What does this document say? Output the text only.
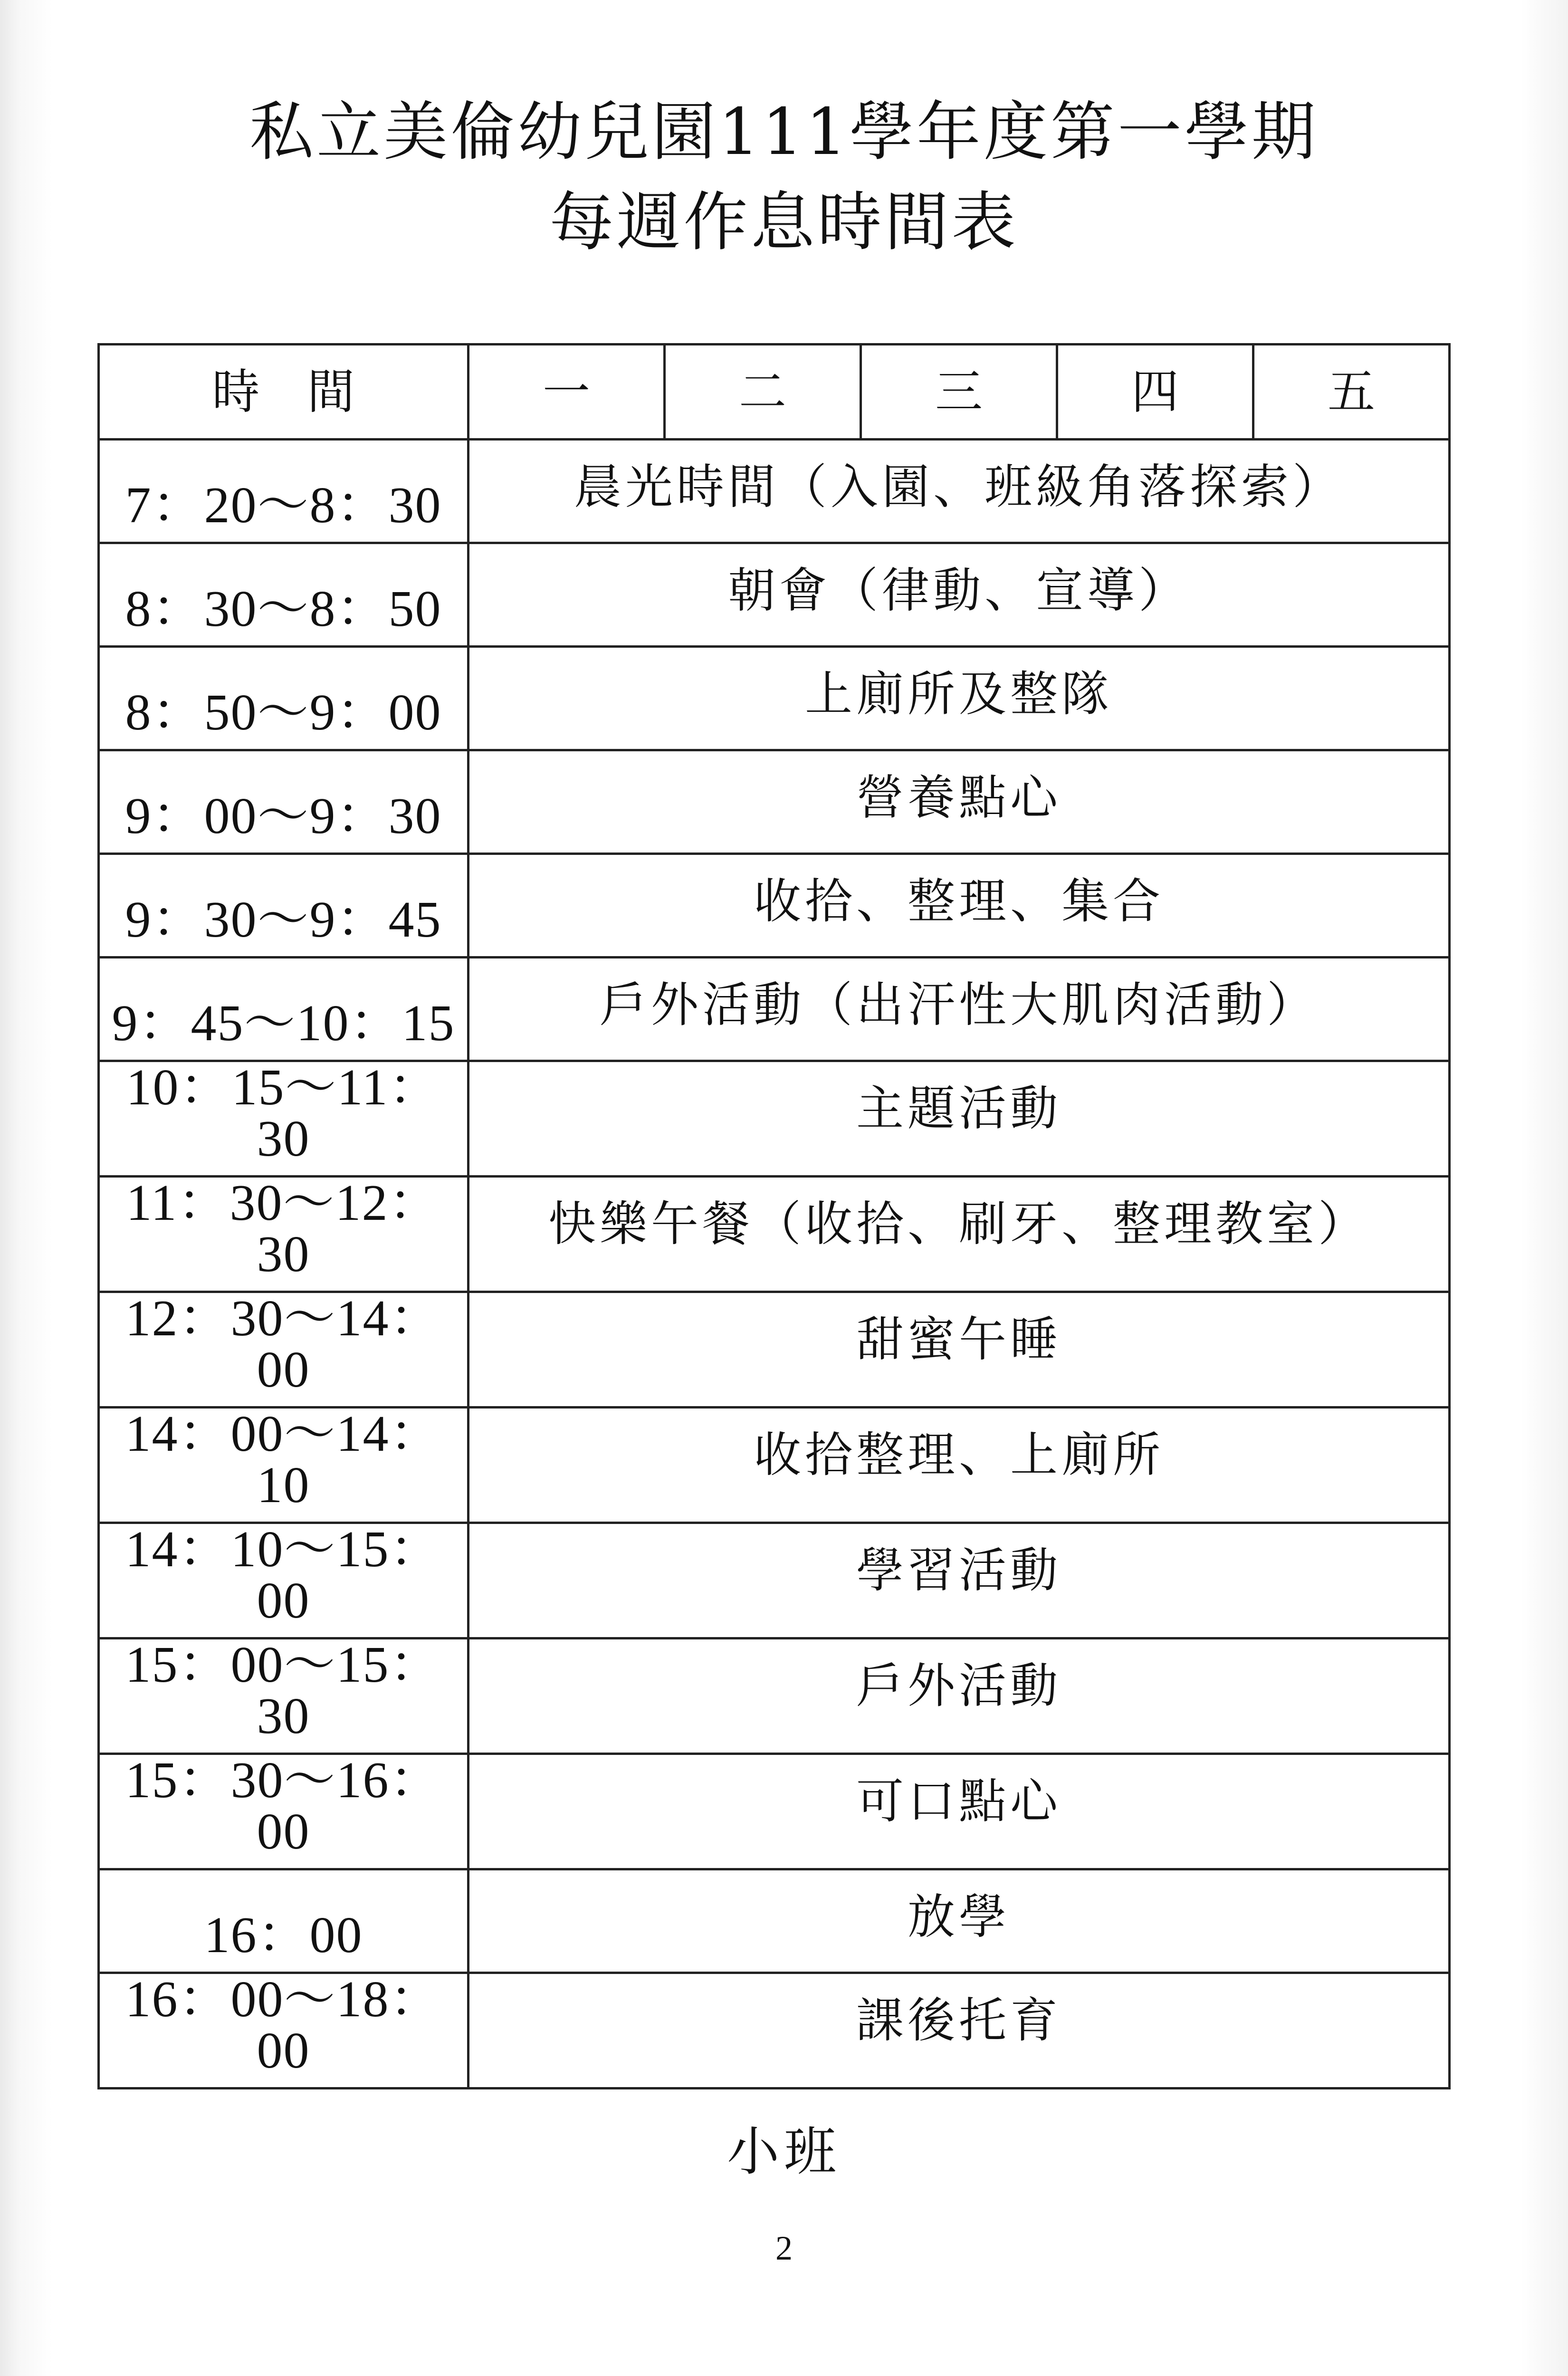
私立美倫幼兒園111學年度第一學期
每週作息時間表
時　間	一	二	三	四	五
7：20～8：30	晨光時間（入園、班級角落探索）				
8：30～8：50	朝會（律動、宣導）				
8：50～9：00	上廁所及整隊				
9：00～9：30	營養點心				
9：30～9：45	收拾、整理、集合				
9：45～10：15	戶外活動（出汗性大肌肉活動）				
10：15～11：30	主題活動				
11：30～12：30	快樂午餐（收拾、刷牙、整理教室）				
12：30～14：00	甜蜜午睡				
14：00～14：10	收拾整理、上廁所				
14：10～15：00	學習活動				
15：00～15：30	戶外活動				
15：30～16：00	可口點心				
16：00	放學				
16：00～18：00	課後托育				
小班
2
